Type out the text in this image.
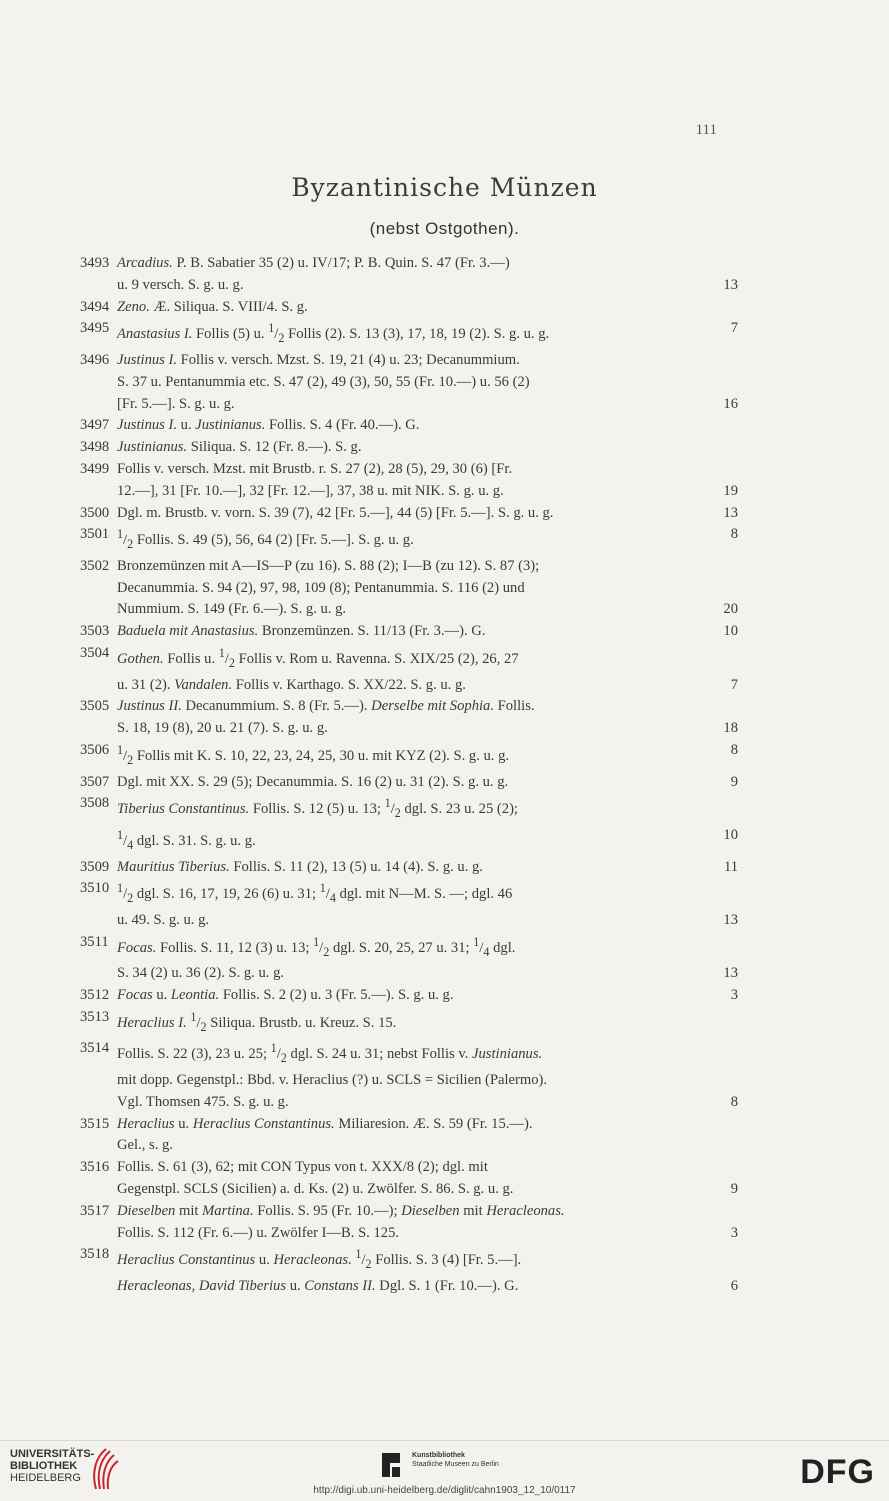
111
Byzantinische Münzen
(nebst Ostgothen).
3493 Arcadius. P. B. Sabatier 35 (2) u. IV/17; P. B. Quin. S. 47 (Fr. 3.—)
u. 9 versch. S. g. u. g.	13
3494 Zeno. Æ. Siliqua. S. VIII/4. S. g.
3495 Anastasius I. Follis (5) u. $^1/_2$ Follis (2). S. 13 (3), 17, 18, 19 (2). S. g. u. g.	7
3496 Justinus I. Follis v. versch. Mzst. S. 19, 21 (4) u. 23; Decanummium.
S. 37 u. Pentanummia etc. S. 47 (2), 49 (3), 50, 55 (Fr. 10.—) u. 56 (2)
[Fr. 5.—]. S. g. u. g.	16
3497 Justinus I. u. Justinianus. Follis. S. 4 (Fr. 40.—). G.
3498 Justinianus. Siliqua. S. 12 (Fr. 8.—). S. g.
3499 Follis v. versch. Mzst. mit Brustb. r. S. 27 (2), 28 (5), 29, 30 (6) [Fr.
12.—], 31 [Fr. 10.—], 32 [Fr. 12.—], 37, 38 u. mit NIK. S. g. u. g.	19
3500 Dgl. m. Brustb. v. vorn. S. 39 (7), 42 [Fr. 5.—], 44 (5) [Fr. 5.—]. S. g. u. g.	13
3501 $^1/_2$ Follis. S. 49 (5), 56, 64 (2) [Fr. 5.—]. S. g. u. g.	8
3502 Bronzemünzen mit A—IS—P (zu 16). S. 88 (2); I—B (zu 12). S. 87 (3);
Decanummia. S. 94 (2), 97, 98, 109 (8); Pentanummia. S. 116 (2) und
Nummium. S. 149 (Fr. 6.—). S. g. u. g.	20
3503 Baduela mit Anastasius. Bronzemünzen. S. 11/13 (Fr. 3.—). G.	10
3504 Gothen. Follis u. $^1/_2$ Follis v. Rom u. Ravenna. S. XIX/25 (2), 26, 27
u. 31 (2). Vandalen. Follis v. Karthago. S. XX/22. S. g. u. g.	7
3505 Justinus II. Decanummium. S. 8 (Fr. 5.—). Derselbe mit Sophia. Follis.
S. 18, 19 (8), 20 u. 21 (7). S. g. u. g.	18
3506 $^1/_2$ Follis mit K. S. 10, 22, 23, 24, 25, 30 u. mit KYZ (2). S. g. u. g.	8
3507 Dgl. mit XX. S. 29 (5); Decanummia. S. 16 (2) u. 31 (2). S. g. u. g.	9
3508 Tiberius Constantinus. Follis. S. 12 (5) u. 13; $^1/_2$ dgl. S. 23 u. 25 (2);
$^1/_4$ dgl. S. 31. S. g. u. g.	10
3509 Mauritius Tiberius. Follis. S. 11 (2), 13 (5) u. 14 (4). S. g. u. g.	11
3510 $^1/_2$ dgl. S. 16, 17, 19, 26 (6) u. 31; $^1/_4$ dgl. mit N—M. S. —; dgl. 46
u. 49. S. g. u. g.	13
3511 Focas. Follis. S. 11, 12 (3) u. 13; $^1/_2$ dgl. S. 20, 25, 27 u. 31; $^1/_4$ dgl.
S. 34 (2) u. 36 (2). S. g. u. g.	13
3512 Focas u. Leontia. Follis. S. 2 (2) u. 3 (Fr. 5.—). S. g. u. g.	3
3513 Heraclius I. $^1/_2$ Siliqua. Brustb. u. Kreuz. S. 15.
3514 Follis. S. 22 (3), 23 u. 25; $^1/_2$ dgl. S. 24 u. 31; nebst Follis v. Justinianus.
mit dopp. Gegenstpl.: Bbd. v. Heraclius (?) u. SCLS = Sicilien (Palermo).
Vgl. Thomsen 475. S. g. u. g.	8
3515 Heraclius u. Heraclius Constantinus. Miliaresion. Æ. S. 59 (Fr. 15.—).
Gel., s. g.
3516 Follis. S. 61 (3), 62; mit CON Typus von t. XXX/8 (2); dgl. mit
Gegenstpl. SCLS (Sicilien) a. d. Ks. (2) u. Zwölfer. S. 86. S. g. u. g.	9
3517 Dieselben mit Martina. Follis. S. 95 (Fr. 10.—); Dieselben mit Heracleonas.
Follis. S. 112 (Fr. 6.—) u. Zwölfer I—B. S. 125.	3
3518 Heraclius Constantinus u. Heracleonas. $^1/_2$ Follis. S. 3 (4) [Fr. 5.—].
Heracleonas, David Tiberius u. Constans II. Dgl. S. 1 (Fr. 10.—). G.	6
UNIVERSITÄTS-
BIBLIOTHEK
HEIDELBERG
Kunstbibliothek
Staatliche Museen zu Berlin	DFG
http://digi.ub.uni-heidelberg.de/diglit/cahn1903_12_10/0117
